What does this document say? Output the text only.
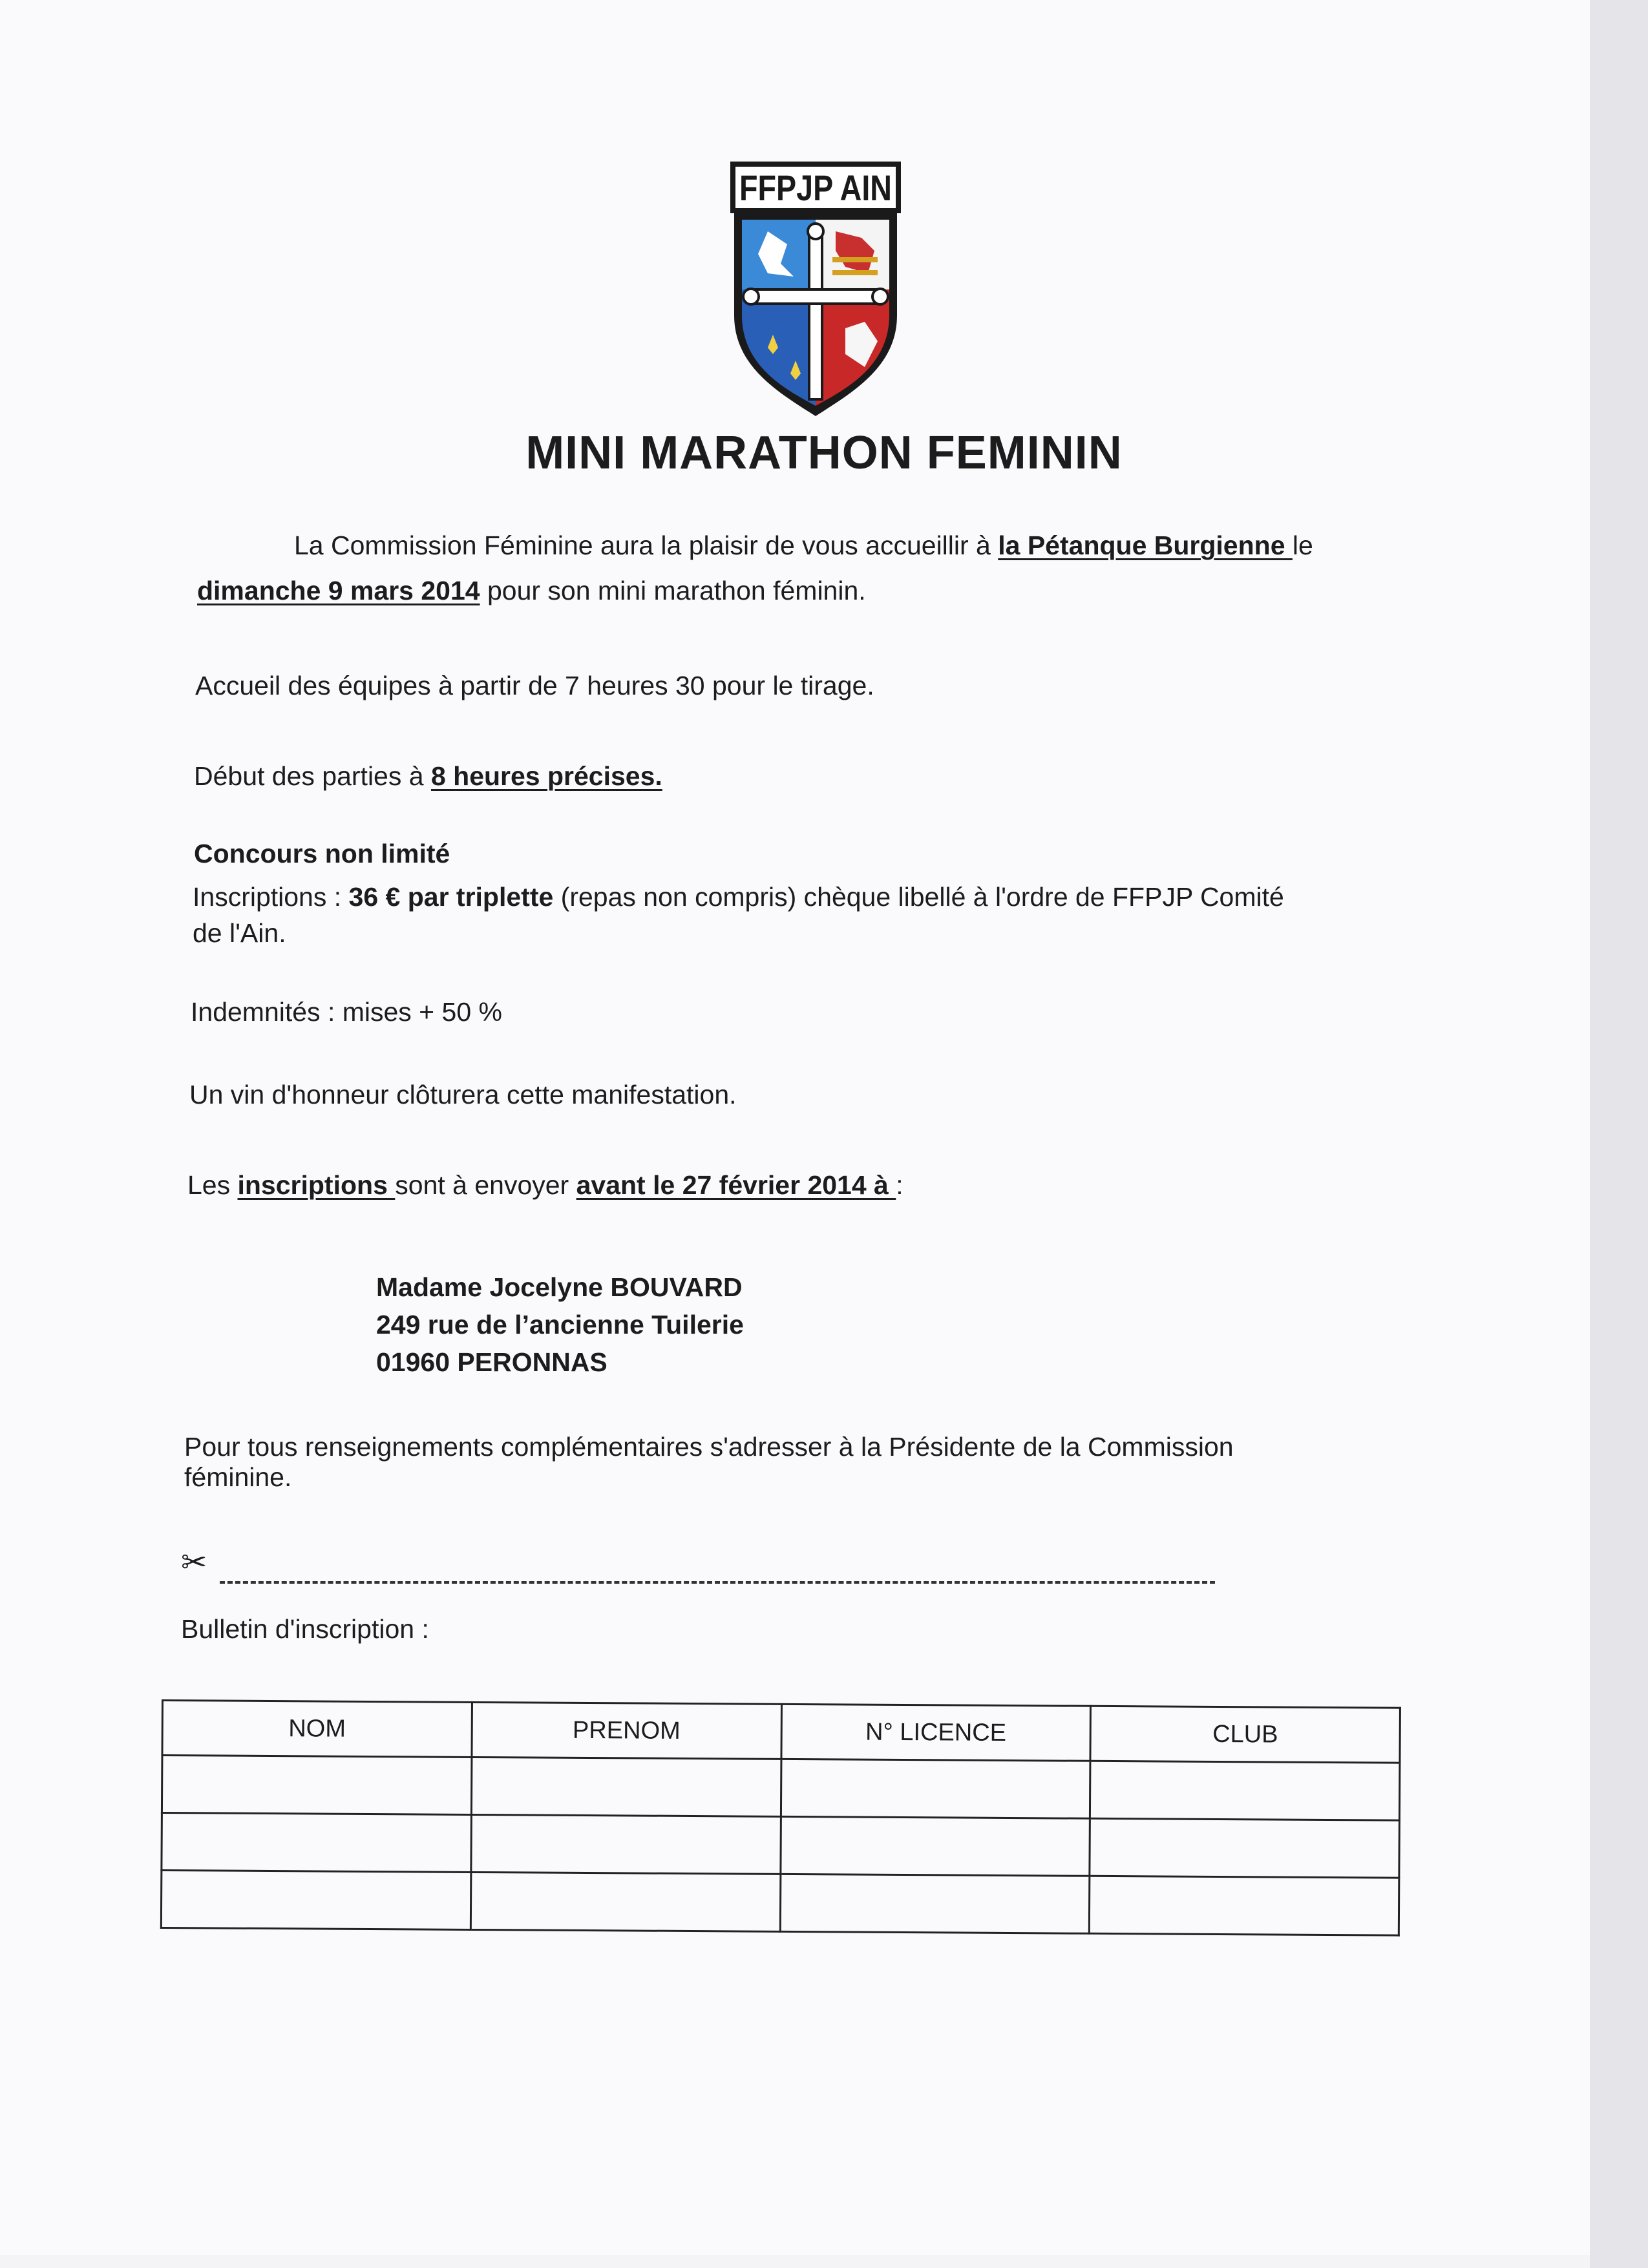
FFPJP AIN
MINI MARATHON FEMININ
La Commission Féminine aura la plaisir de vous accueillir à la Pétanque Burgienne le
dimanche 9 mars 2014 pour son mini marathon féminin.
Accueil des équipes à partir de 7 heures 30 pour le tirage.
Début des parties à 8 heures précises.
Concours non limité
Inscriptions : 36 € par triplette (repas non compris) chèque libellé à l'ordre de FFPJP Comité
de l'Ain.
Indemnités : mises + 50 %
Un vin d'honneur clôturera cette manifestation.
Les inscriptions sont à envoyer avant le 27 février 2014 à :
Madame Jocelyne BOUVARD
249 rue de l’ancienne Tuilerie
01960 PERONNAS
Pour tous renseignements complémentaires s'adresser à la Présidente de la Commission
féminine.
✂
Bulletin d'inscription :
NOM	PRENOM	N° LICENCE	CLUB
